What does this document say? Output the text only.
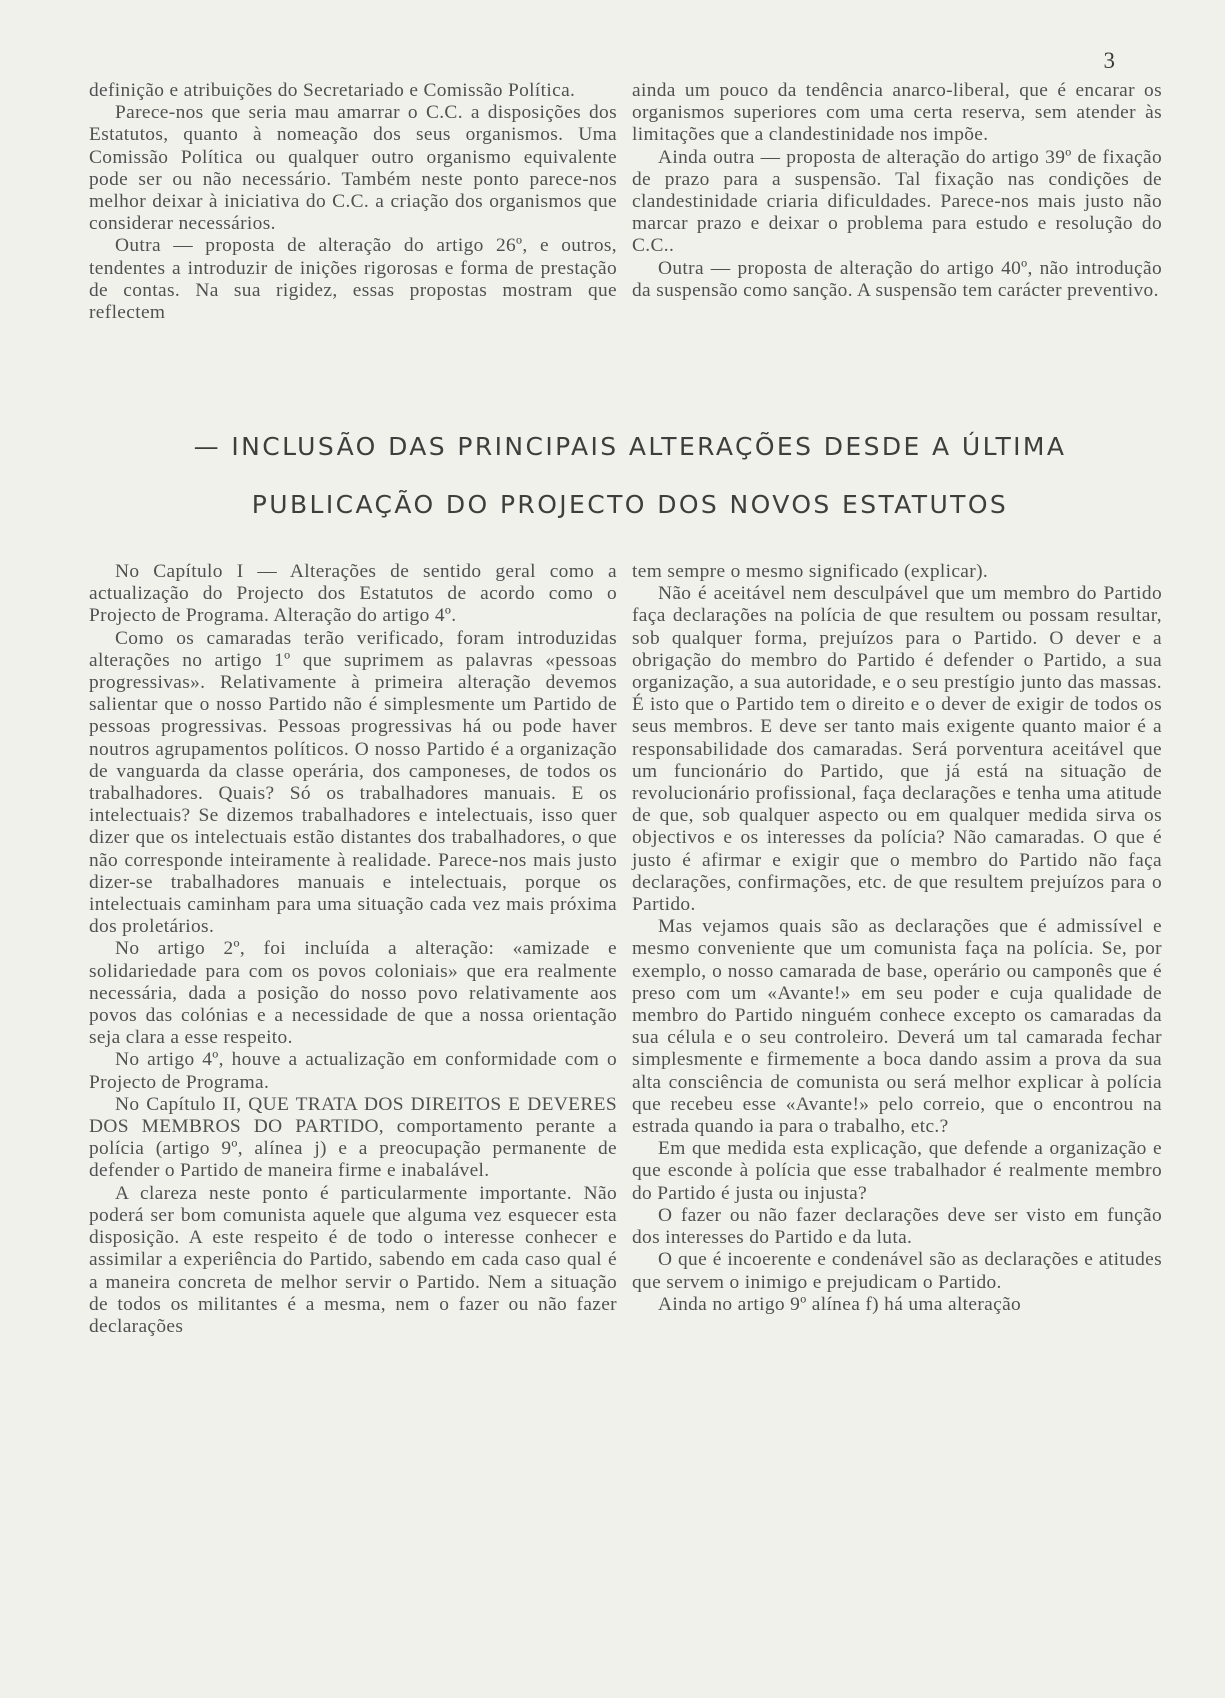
3

definição e atribuições do Secretariado e Comissão Política.

Parece-nos que seria mau amarrar o C.C. a disposições dos Estatutos, quanto à nomeação dos seus organismos. Uma Comissão Política ou qualquer outro organismo equivalente pode ser ou não necessário. Também neste ponto parece-nos melhor deixar à iniciativa do C.C. a criação dos organismos que considerar necessários.

Outra — proposta de alteração do artigo 26º, e outros, tendentes a introduzir de inições rigorosas e forma de prestação de contas. Na sua rigidez, essas propostas mostram que reflectem

ainda um pouco da tendência anarco-liberal, que é encarar os organismos superiores com uma certa reserva, sem atender às limitações que a clandestinidade nos impõe.

Ainda outra — proposta de alteração do artigo 39º de fixação de prazo para a suspensão. Tal fixação nas condições de clandestinidade criaria dificuldades. Parece-nos mais justo não marcar prazo e deixar o problema para estudo e resolução do C.C..

Outra — proposta de alteração do artigo 40º, não introdução da suspensão como sanção. A suspensão tem carácter preventivo.

— INCLUSÃO DAS PRINCIPAIS ALTERAÇÕES DESDE A ÚLTIMA
PUBLICAÇÃO DO PROJECTO DOS NOVOS ESTATUTOS

No Capítulo I — Alterações de sentido geral como a actualização do Projecto dos Estatutos de acordo como o Projecto de Programa. Alteração do artigo 4º.

Como os camaradas terão verificado, foram introduzidas alterações no artigo 1º que suprimem as palavras «pessoas progressivas». Relativamente à primeira alteração devemos salientar que o nosso Partido não é simplesmente um Partido de pessoas progressivas. Pessoas progressivas há ou pode haver noutros agrupamentos políticos. O nosso Partido é a organização de vanguarda da classe operária, dos camponeses, de todos os trabalhadores. Quais? Só os trabalhadores manuais. E os intelectuais? Se dizemos trabalhadores e intelectuais, isso quer dizer que os intelectuais estão distantes dos trabalhadores, o que não corresponde inteiramente à realidade. Parece-nos mais justo dizer-se trabalhadores manuais e intelectuais, porque os intelectuais caminham para uma situação cada vez mais próxima dos proletários.

No artigo 2º, foi incluída a alteração: «amizade e solidariedade para com os povos coloniais» que era realmente necessária, dada a posição do nosso povo relativamente aos povos das colónias e a necessidade de que a nossa orientação seja clara a esse respeito.

No artigo 4º, houve a actualização em conformidade com o Projecto de Programa.

No Capítulo II, QUE TRATA DOS DIREITOS E DEVERES DOS MEMBROS DO PARTIDO, comportamento perante a polícia (artigo 9º, alínea j) e a preocupação permanente de defender o Partido de maneira firme e inabalável.

A clareza neste ponto é particularmente importante. Não poderá ser bom comunista aquele que alguma vez esquecer esta disposição. A este respeito é de todo o interesse conhecer e assimilar a experiência do Partido, sabendo em cada caso qual é a maneira concreta de melhor servir o Partido. Nem a situação de todos os militantes é a mesma, nem o fazer ou não fazer declarações

tem sempre o mesmo significado (explicar).

Não é aceitável nem desculpável que um membro do Partido faça declarações na polícia de que resultem ou possam resultar, sob qualquer forma, prejuízos para o Partido. O dever e a obrigação do membro do Partido é defender o Partido, a sua organização, a sua autoridade, e o seu prestígio junto das massas. É isto que o Partido tem o direito e o dever de exigir de todos os seus membros. E deve ser tanto mais exigente quanto maior é a responsabilidade dos camaradas. Será porventura aceitável que um funcionário do Partido, que já está na situação de revolucionário profissional, faça declarações e tenha uma atitude de que, sob qualquer aspecto ou em qualquer medida sirva os objectivos e os interesses da polícia? Não camaradas. O que é justo é afirmar e exigir que o membro do Partido não faça declarações, confirmações, etc. de que resultem prejuízos para o Partido.

Mas vejamos quais são as declarações que é admissível e mesmo conveniente que um comunista faça na polícia. Se, por exemplo, o nosso camarada de base, operário ou camponês que é preso com um «Avante!» em seu poder e cuja qualidade de membro do Partido ninguém conhece excepto os camaradas da sua célula e o seu controleiro. Deverá um tal camarada fechar simplesmente e firmemente a boca dando assim a prova da sua alta consciência de comunista ou será melhor explicar à polícia que recebeu esse «Avante!» pelo correio, que o encontrou na estrada quando ia para o trabalho, etc.?

Em que medida esta explicação, que defende a organização e que esconde à polícia que esse trabalhador é realmente membro do Partido é justa ou injusta?

O fazer ou não fazer declarações deve ser visto em função dos interesses do Partido e da luta.

O que é incoerente e condenável são as declarações e atitudes que servem o inimigo e prejudicam o Partido.

Ainda no artigo 9º alínea f) há uma alteração
